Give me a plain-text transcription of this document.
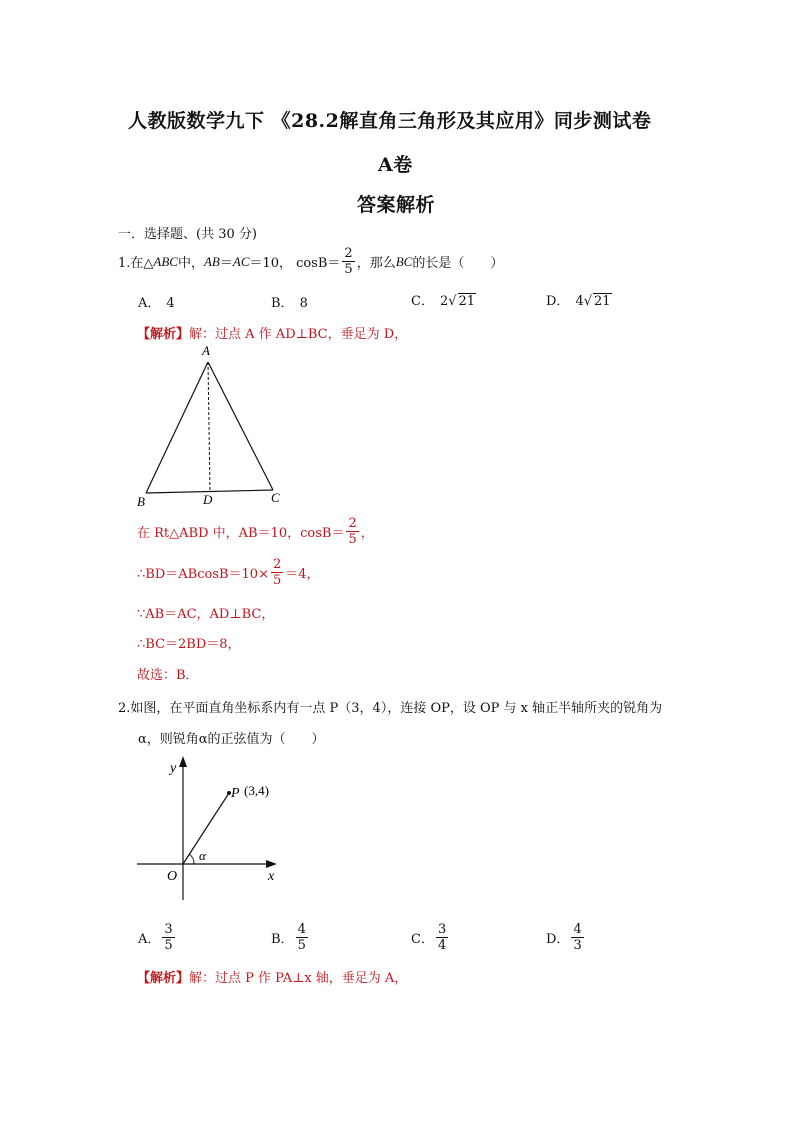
人教版数学九下 《28.2解直角三角形及其应用》同步测试卷
A卷
答案解析
一．选择题、(共 30 分)
1.在△ ABC 中， AB ＝ AC ＝10， $\cos B= \frac{2}{5}$ ，那么 BC 的长是（　　）
A． 4	B． 8	C． 2√ 21	D． 4√ 21
【解析】解：过点 A 作 AD⊥BC，垂足为 D，
A
B	C
D
在 Rt△ABD 中，AB＝10，$\cos B= \frac{2}{5}$ ，
∴BD＝ABcosB＝10× $\frac{2}{5} =4$，
∵AB＝AC，AD⊥BC，
∴BC＝2BD＝8，
故选：B．
2.如图，在平面直角坐标系内有一点 P（3，4），连接 OP，设 OP 与 x 轴正半轴所夹的锐角为
α，则锐角α的正弦值为（　　）
y
x
O
P (3,4)
α
A． $\frac{3}{5}$	B． $\frac{4}{5}$	C． $\frac{3}{4}$	D． $\frac{4}{3}$
【解析】解：过点 P 作 PA⊥x 轴，垂足为 A，
